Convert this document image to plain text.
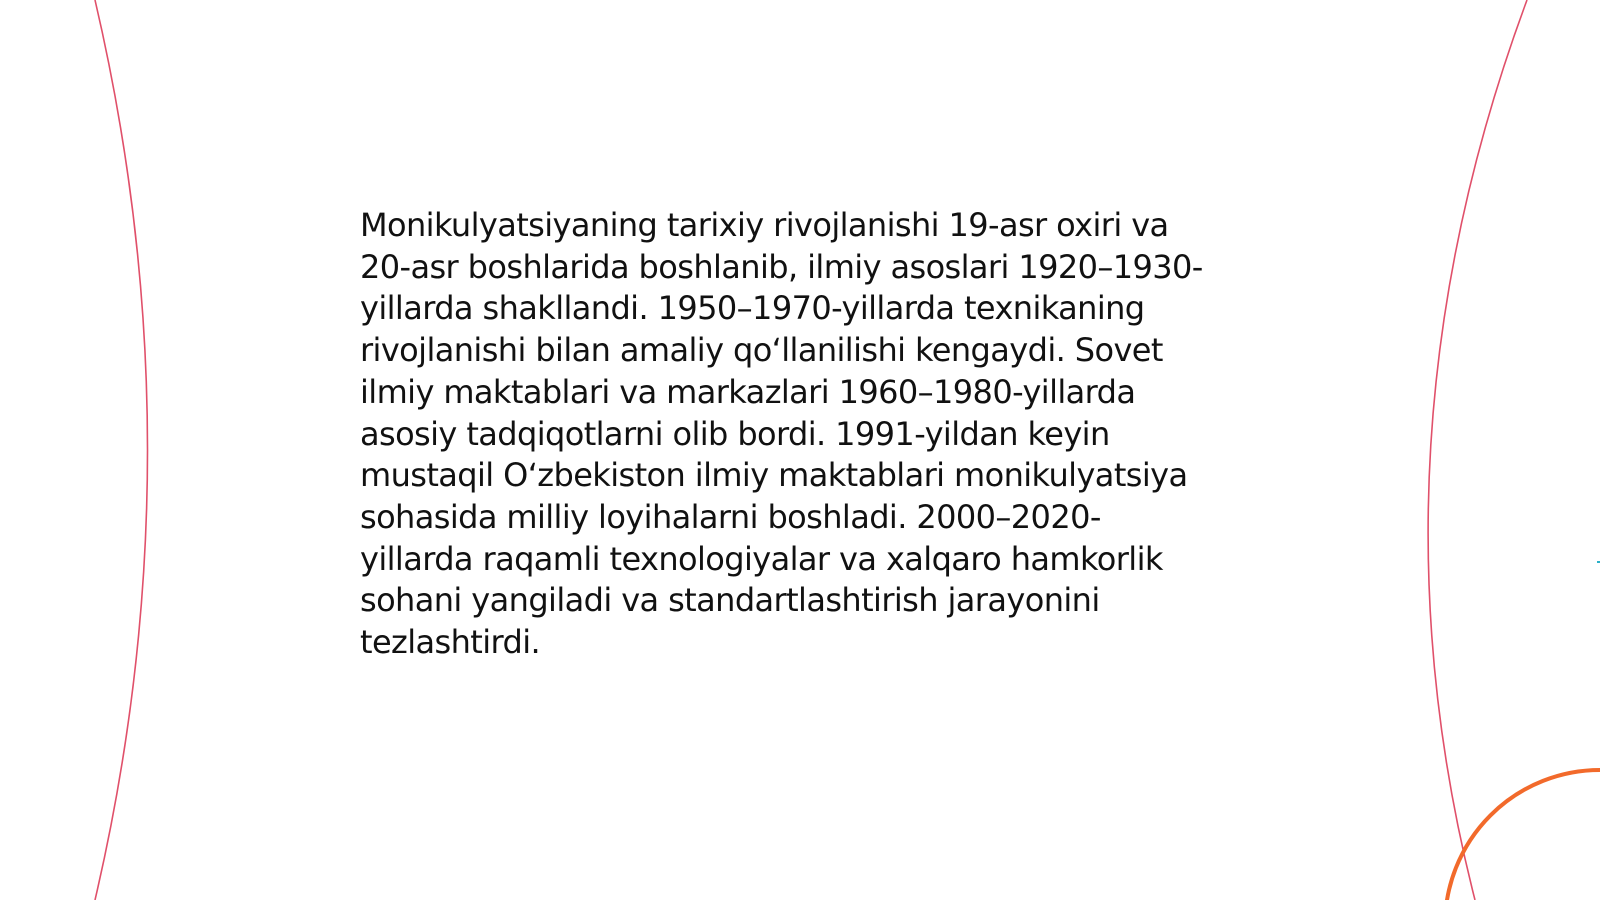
Monikulyatsiyaning tarixiy rivojlanishi 19-asr oxiri va
20-asr boshlarida boshlanib, ilmiy asoslari 1920–1930-
yillarda shakllandi. 1950–1970-yillarda texnikaning
rivojlanishi bilan amaliy qo‘llanilishi kengaydi. Sovet
ilmiy maktablari va markazlari 1960–1980-yillarda
asosiy tadqiqotlarni olib bordi. 1991-yildan keyin
mustaqil O‘zbekiston ilmiy maktablari monikulyatsiya
sohasida milliy loyihalarni boshladi. 2000–2020-
yillarda raqamli texnologiyalar va xalqaro hamkorlik
sohani yangiladi va standartlashtirish jarayonini
tezlashtirdi.
